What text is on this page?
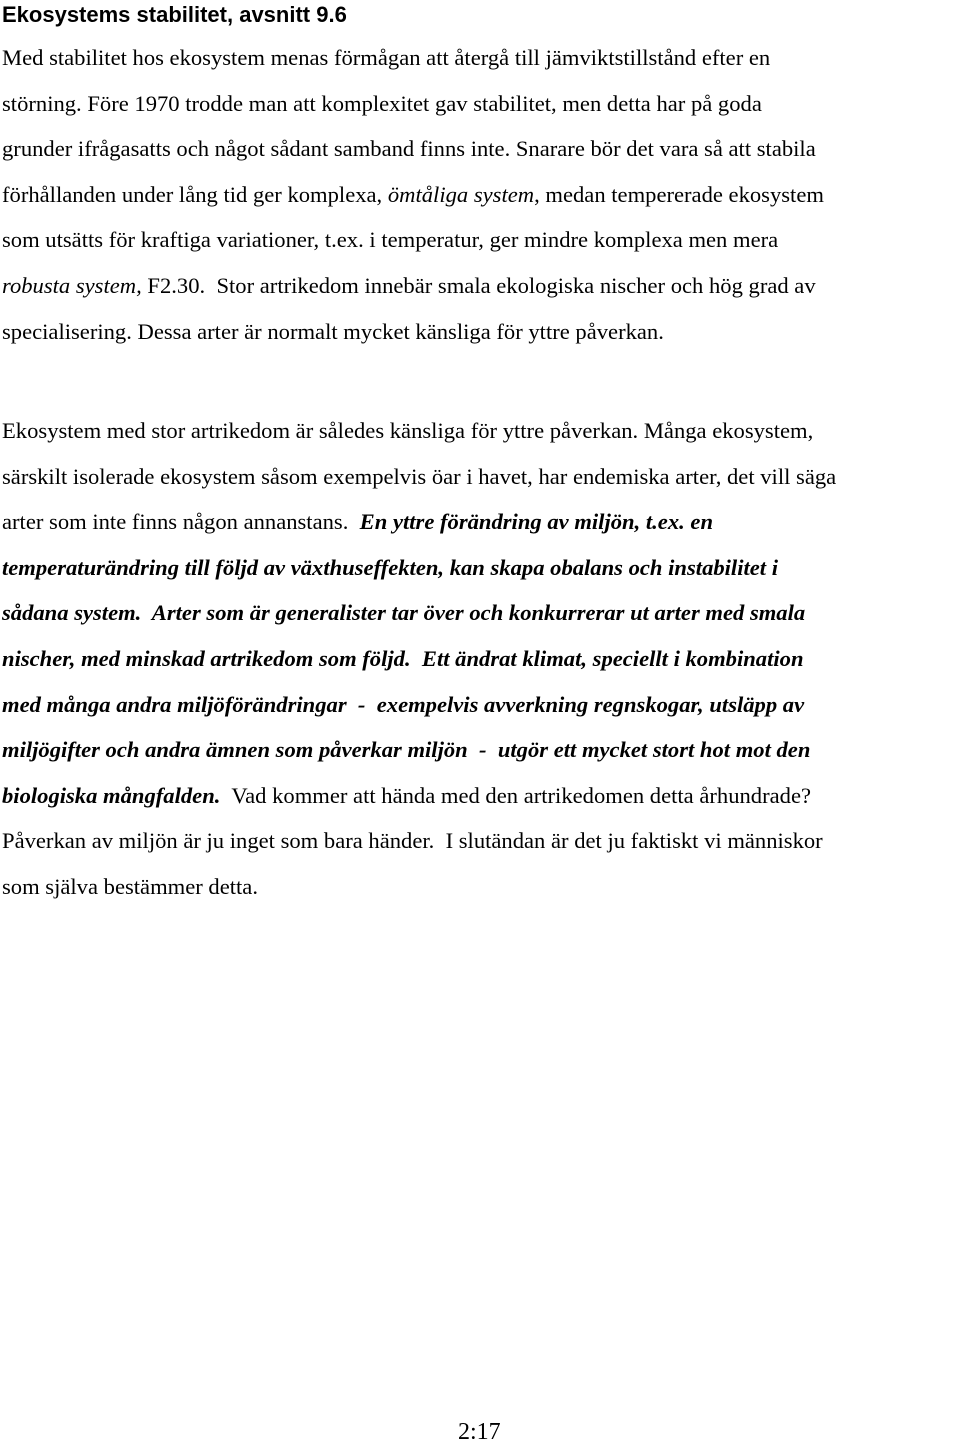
Ekosystems stabilitet, avsnitt 9.6
Med stabilitet hos ekosystem menas förmågan att återgå till jämviktstillstånd efter en
störning. Före 1970 trodde man att komplexitet gav stabilitet, men detta har på goda
grunder ifrågasatts och något sådant samband finns inte. Snarare bör det vara så att stabila
förhållanden under lång tid ger komplexa, ömtåliga system, medan tempererade ekosystem
som utsätts för kraftiga variationer, t.ex. i temperatur, ger mindre komplexa men mera
robusta system, F2.30.  Stor artrikedom innebär smala ekologiska nischer och hög grad av
specialisering. Dessa arter är normalt mycket känsliga för yttre påverkan.
Ekosystem med stor artrikedom är således känsliga för yttre påverkan. Många ekosystem,
särskilt isolerade ekosystem såsom exempelvis öar i havet, har endemiska arter, det vill säga
arter som inte finns någon annanstans.  En yttre förändring av miljön, t.ex. en
temperaturändring till följd av växthuseffekten, kan skapa obalans och instabilitet i
sådana system.  Arter som är generalister tar över och konkurrerar ut arter med smala
nischer, med minskad artrikedom som följd.  Ett ändrat klimat, speciellt i kombination
med många andra miljöförändringar  -  exempelvis avverkning regnskogar, utsläpp av
miljögifter och andra ämnen som påverkar miljön  -  utgör ett mycket stort hot mot den
biologiska mångfalden.  Vad kommer att hända med den artrikedomen detta århundrade?
Påverkan av miljön är ju inget som bara händer.  I slutändan är det ju faktiskt vi människor
som själva bestämmer detta.
2:17
